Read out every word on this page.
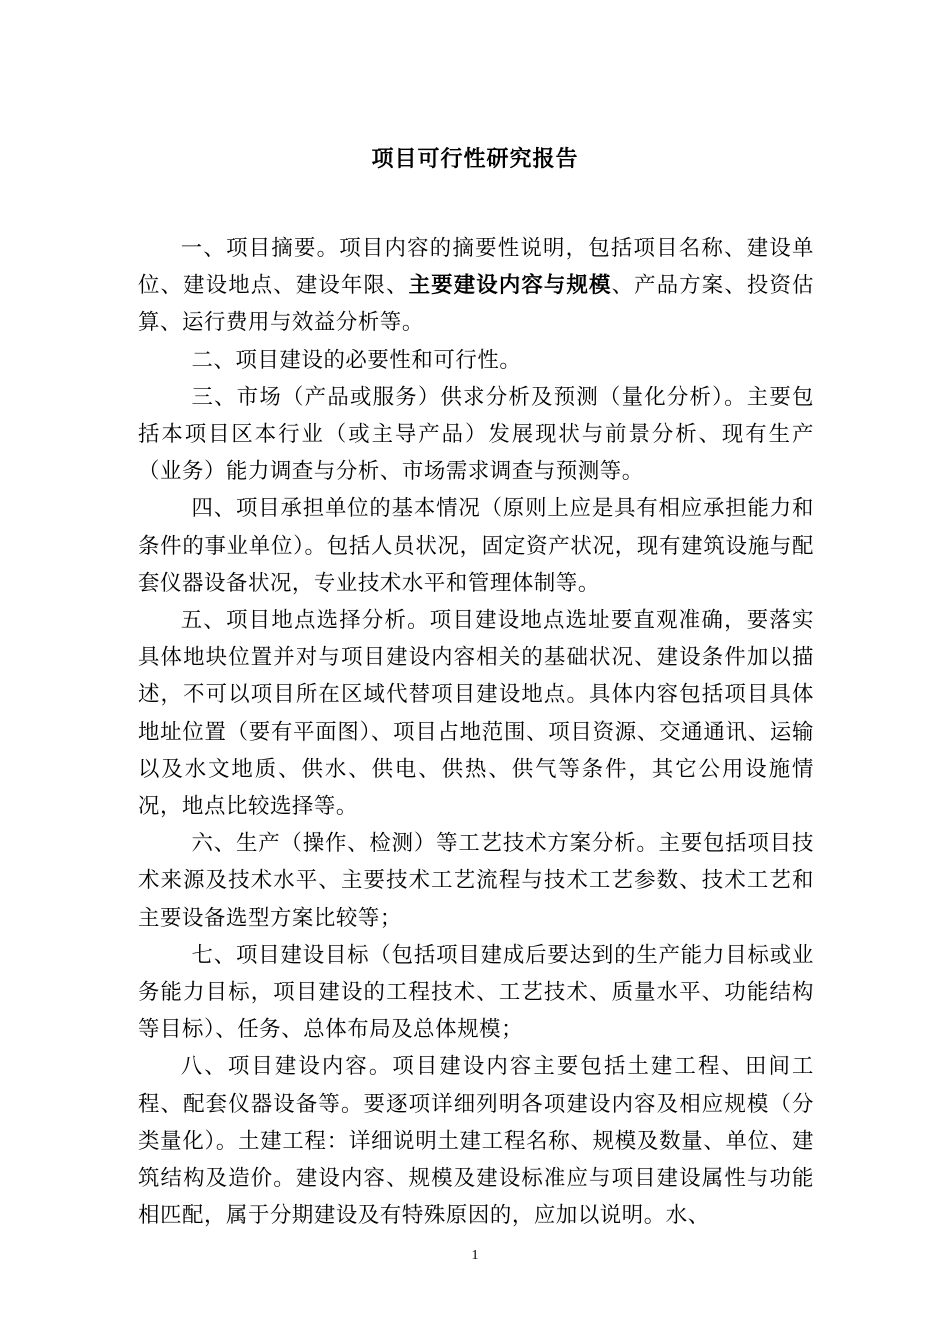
项目可行性研究报告

一、项目摘要。项目内容的摘要性说明，包括项目名称、建设单位、建设地点、建设年限、主要建设内容与规模、产品方案、投资估算、运行费用与效益分析等。

二、项目建设的必要性和可行性。

三、市场（产品或服务）供求分析及预测（量化分析）。主要包括本项目区本行业（或主导产品）发展现状与前景分析、现有生产（业务）能力调查与分析、市场需求调查与预测等。

四、项目承担单位的基本情况（原则上应是具有相应承担能力和条件的事业单位）。包括人员状况，固定资产状况，现有建筑设施与配套仪器设备状况，专业技术水平和管理体制等。

五、项目地点选择分析。项目建设地点选址要直观准确，要落实具体地块位置并对与项目建设内容相关的基础状况、建设条件加以描述，不可以项目所在区域代替项目建设地点。具体内容包括项目具体地址位置（要有平面图）、项目占地范围、项目资源、交通通讯、运输以及水文地质、供水、供电、供热、供气等条件，其它公用设施情况，地点比较选择等。

六、生产（操作、检测）等工艺技术方案分析。主要包括项目技术来源及技术水平、主要技术工艺流程与技术工艺参数、技术工艺和主要设备选型方案比较等；

七、项目建设目标（包括项目建成后要达到的生产能力目标或业务能力目标，项目建设的工程技术、工艺技术、质量水平、功能结构等目标）、任务、总体布局及总体规模；

八、项目建设内容。项目建设内容主要包括土建工程、田间工程、配套仪器设备等。要逐项详细列明各项建设内容及相应规模（分类量化）。土建工程：详细说明土建工程名称、规模及数量、单位、建筑结构及造价。建设内容、规模及建设标准应与项目建设属性与功能相匹配，属于分期建设及有特殊原因的，应加以说明。水、

1
